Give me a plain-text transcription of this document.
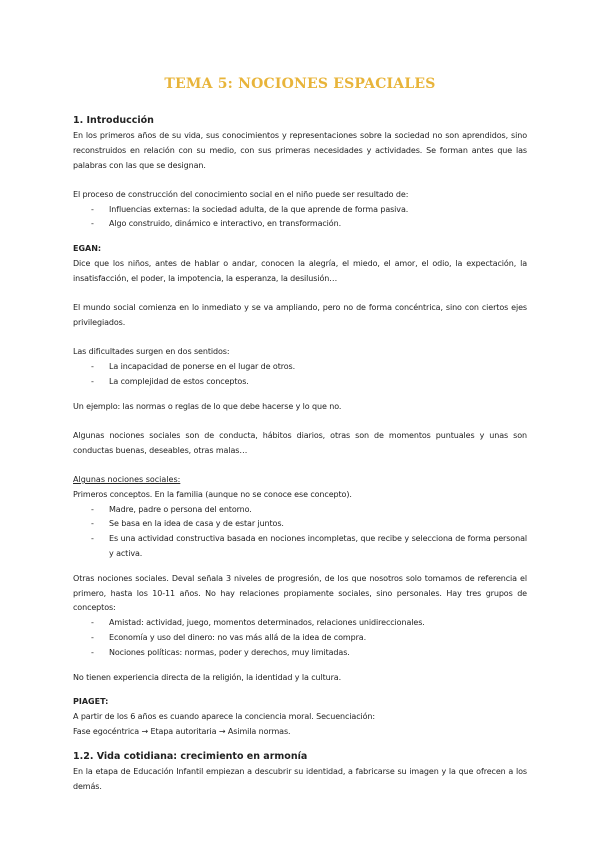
TEMA 5: NOCIONES ESPACIALES
1. Introducción

En los primeros años de su vida, sus conocimientos y representaciones sobre la sociedad no son aprendidos, sino reconstruidos en relación con su medio, con sus primeras necesidades y actividades. Se forman antes que las palabras con las que se designan.

El proceso de construcción del conocimiento social en el niño puede ser resultado de:

- Influencias externas: la sociedad adulta, de la que aprende de forma pasiva.
- Algo construido, dinámico e interactivo, en transformación.
EGAN:

Dice que los niños, antes de hablar o andar, conocen la alegría, el miedo, el amor, el odio, la expectación, la insatisfacción, el poder, la impotencia, la esperanza, la desilusión…

El mundo social comienza en lo inmediato y se va ampliando, pero no de forma concéntrica, sino con ciertos ejes privilegiados.

Las dificultades surgen en dos sentidos:

- La incapacidad de ponerse en el lugar de otros.
- La complejidad de estos conceptos.

Un ejemplo: las normas o reglas de lo que debe hacerse y lo que no.

Algunas nociones sociales son de conducta, hábitos diarios, otras son de momentos puntuales y unas son conductas buenas, deseables, otras malas…

Algunas nociones sociales:

Primeros conceptos. En la familia (aunque no se conoce ese concepto).

- Madre, padre o persona del entorno.
- Se basa en la idea de casa y de estar juntos.
- Es una actividad constructiva basada en nociones incompletas, que recibe y selecciona de forma personal y activa.

Otras nociones sociales. Deval señala 3 niveles de progresión, de los que nosotros solo tomamos de referencia el primero, hasta los 10-11 años. No hay relaciones propiamente sociales, sino personales. Hay tres grupos de conceptos:

- Amistad: actividad, juego, momentos determinados, relaciones unidireccionales.
- Economía y uso del dinero: no vas más allá de la idea de compra.
- Nociones políticas: normas, poder y derechos, muy limitadas.

No tienen experiencia directa de la religión, la identidad y la cultura.

PIAGET:

A partir de los 6 años es cuando aparece la conciencia moral. Secuenciación:

Fase egocéntrica → Etapa autoritaria → Asimila normas.

1.2. Vida cotidiana: crecimiento en armonía

En la etapa de Educación Infantil empiezan a descubrir su identidad, a fabricarse su imagen y la que ofrecen a los demás.
